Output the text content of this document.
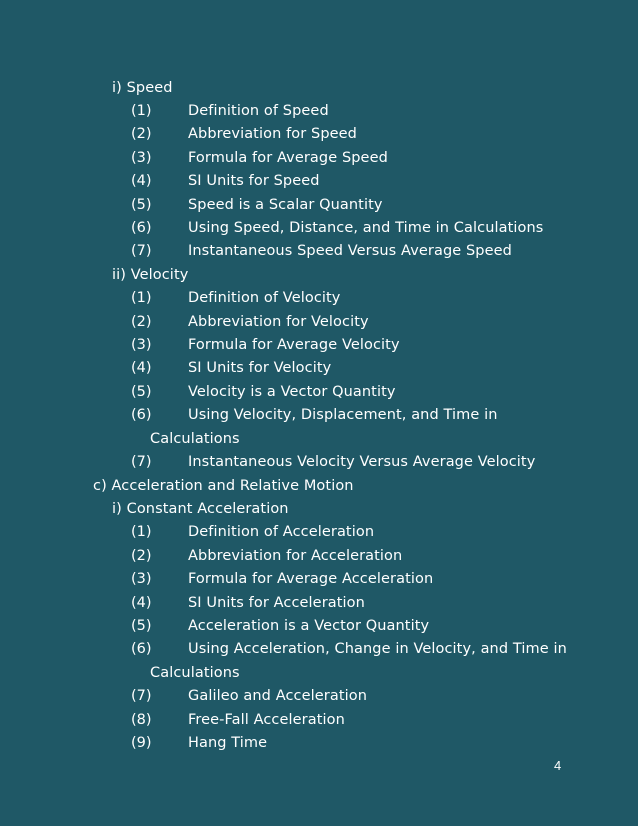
i) Speed
(1)	Definition of Speed
(2)	Abbreviation for Speed
(3)	Formula for Average Speed
(4)	SI Units for Speed
(5)	Speed is a Scalar Quantity
(6)	Using Speed, Distance, and Time in Calculations
(7)	Instantaneous Speed Versus Average Speed
ii) Velocity
(1)	Definition of Velocity
(2)	Abbreviation for Velocity
(3)	Formula for Average Velocity
(4)	SI Units for Velocity
(5)	Velocity is a Vector Quantity
(6)	Using Velocity, Displacement, and Time in
Calculations
(7)	Instantaneous Velocity Versus Average Velocity
c) Acceleration and Relative Motion
i) Constant Acceleration
(1)	Definition of Acceleration
(2)	Abbreviation for Acceleration
(3)	Formula for Average Acceleration
(4)	SI Units for Acceleration
(5)	Acceleration is a Vector Quantity
(6)	Using Acceleration, Change in Velocity, and Time in
Calculations
(7)	Galileo and Acceleration
(8)	Free-Fall Acceleration
(9)	Hang Time
4
